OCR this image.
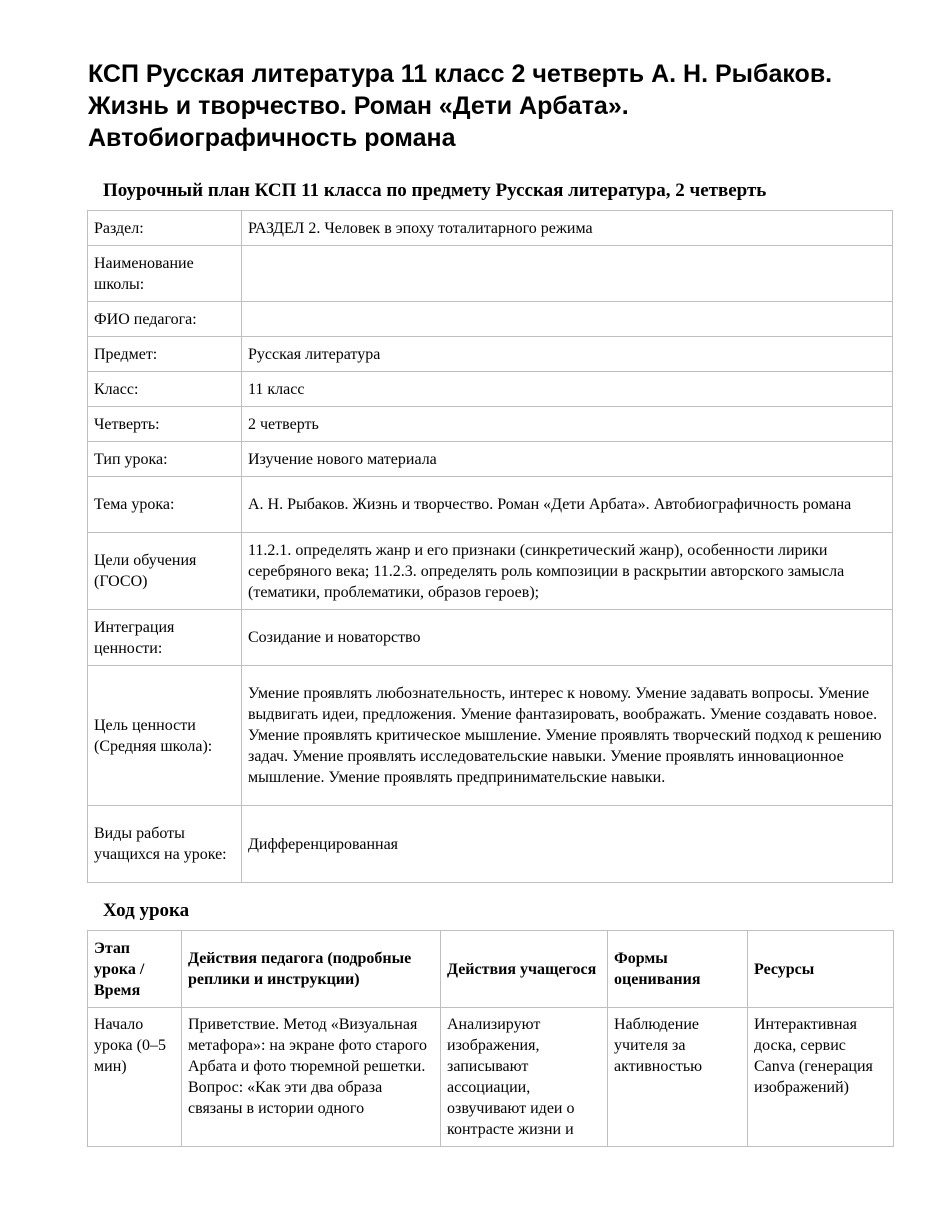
КСП Русская литература 11 класс 2 четверть А. Н. Рыбаков. Жизнь и творчество. Роман «Дети Арбата». Автобиографичность романа

Поурочный план КСП 11 класса по предмету Русская литература, 2 четверть

Раздел:	РАЗДЕЛ 2. Человек в эпоху тоталитарного режима
Наименование школы:	
ФИО педагога:	
Предмет:	Русская литература
Класс:	11 класс
Четверть:	2 четверть
Тип урока:	Изучение нового материала
Тема урока:	А. Н. Рыбаков. Жизнь и творчество. Роман «Дети Арбата». Автобиографичность романа
Цели обучения (ГОСО)	11.2.1. определять жанр и его признаки (синкретический жанр), особенности лирики серебряного века; 11.2.3. определять роль композиции в раскрытии авторского замысла (тематики, проблематики, образов героев);
Интеграция ценности:	Созидание и новаторство
Цель ценности (Средняя школа):	Умение проявлять любознательность, интерес к новому. Умение задавать вопросы. Умение выдвигать идеи, предложения. Умение фантазировать, воображать. Умение создавать новое. Умение проявлять критическое мышление. Умение проявлять творческий подход к решению задач. Умение проявлять исследовательские навыки. Умение проявлять инновационное мышление. Умение проявлять предпринимательские навыки.
Виды работы учащихся на уроке:	Дифференцированная

Ход урока

Этап урока / Время	Действия педагога (подробные реплики и инструкции)	Действия учащегося	Формы оценивания	Ресурсы

Начало урока (0–5 мин)	Приветствие. Метод «Визуальная метафора»: на экране фото старого Арбата и фото тюремной решетки. Вопрос: «Как эти два образа связаны в истории одного	Анализируют изображения, записывают ассоциации, озвучивают идеи о контрасте жизни и	Наблюдение учителя за активностью	Интерактивная доска, сервис Canva (генерация изображений)
